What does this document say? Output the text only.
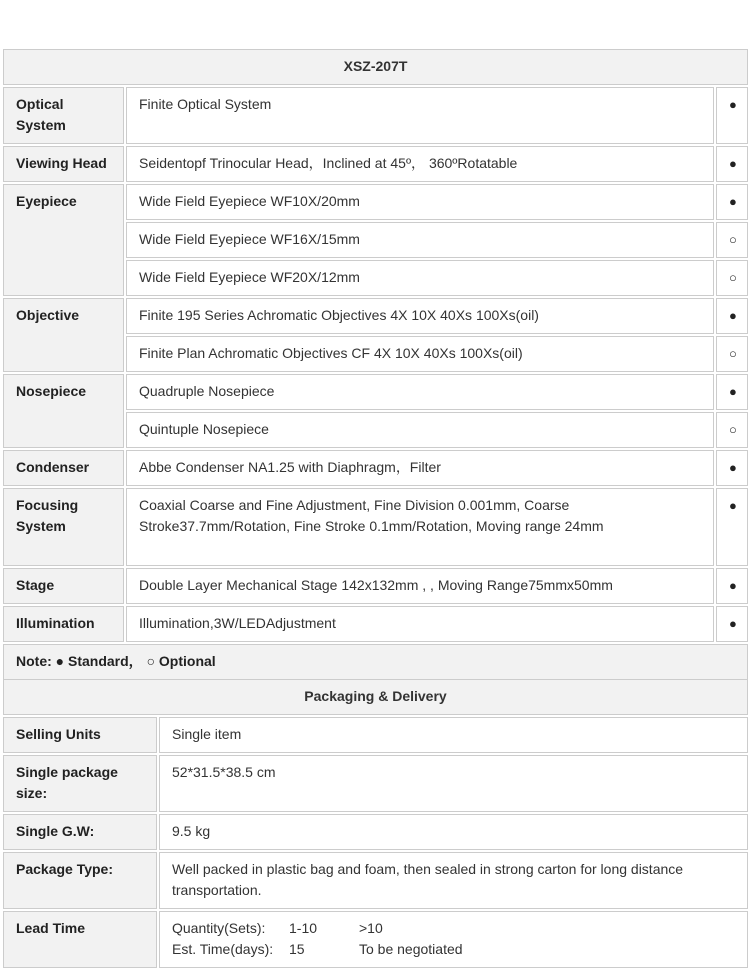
XSZ-207T		
Optical System	Finite Optical System	●
Viewing Head	Seidentopf Trinocular Head，Inclined at 45º， 360ºRotatable	●
Eyepiece	Wide Field Eyepiece WF10X/20mm	●
	Wide Field Eyepiece WF16X/15mm	○
	Wide Field Eyepiece WF20X/12mm	○
Objective	Finite 195 Series Achromatic Objectives 4X 10X 40Xs 100Xs(oil)	●
	Finite Plan Achromatic Objectives CF 4X 10X 40Xs 100Xs(oil)	○
Nosepiece	Quadruple Nosepiece	●
	Quintuple Nosepiece	○
Condenser	Abbe Condenser NA1.25 with Diaphragm，Filter	●
Focusing System	Coaxial Coarse and Fine Adjustment, Fine Division 0.001mm, Coarse Stroke37.7mm/Rotation, Fine Stroke 0.1mm/Rotation, Moving range 24mm	●
Stage	Double Layer Mechanical Stage 142x132mm , , Moving Range75mmx50mm	●
Illumination	Illumination,3W/LEDAdjustment	●
Note: ● Standard， ○ Optional		
Packaging & Delivery	
Selling Units	Single item
Single package size:	52*31.5*38.5 cm
Single G.W:	9.5 kg
Package Type:	Well packed in plastic bag and foam, then sealed in strong carton for long distance transportation.
Lead Time	Quantity(Sets): 1-10 >10
Est. Time(days): 15 To be negotiated
